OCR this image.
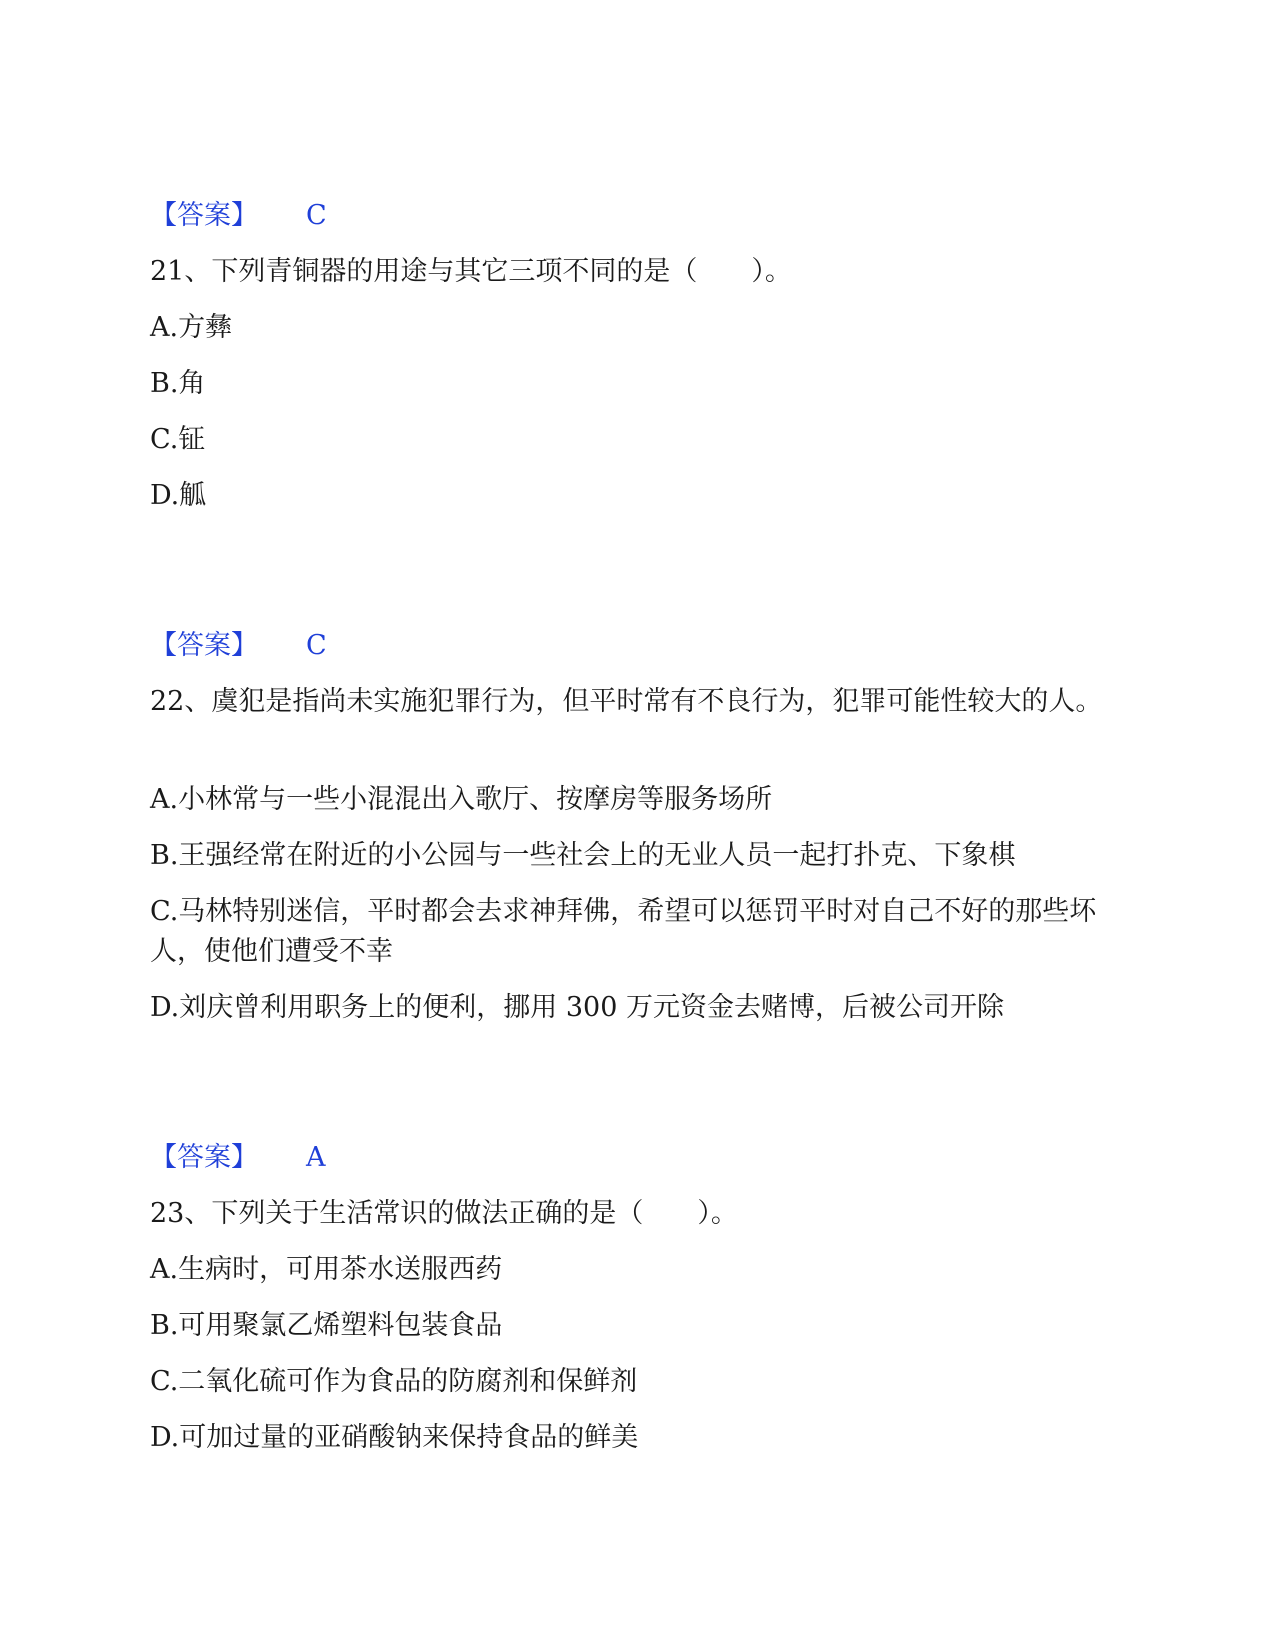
【答案】 C
21、下列青铜器的用途与其它三项不同的是（　　）。
A.方彝
B.角
C.钲
D.觚
【答案】 C
22、虞犯是指尚未实施犯罪行为，但平时常有不良行为，犯罪可能性较大的人。
A.小林常与一些小混混出入歌厅、按摩房等服务场所
B.王强经常在附近的小公园与一些社会上的无业人员一起打扑克、下象棋
C.马林特别迷信，平时都会去求神拜佛，希望可以惩罚平时对自己不好的那些坏人，使他们遭受不幸
D.刘庆曾利用职务上的便利，挪用 300 万元资金去赌博，后被公司开除
【答案】 A
23、下列关于生活常识的做法正确的是（　　）。
A.生病时，可用茶水送服西药
B.可用聚氯乙烯塑料包装食品
C.二氧化硫可作为食品的防腐剂和保鲜剂
D.可加过量的亚硝酸钠来保持食品的鲜美
